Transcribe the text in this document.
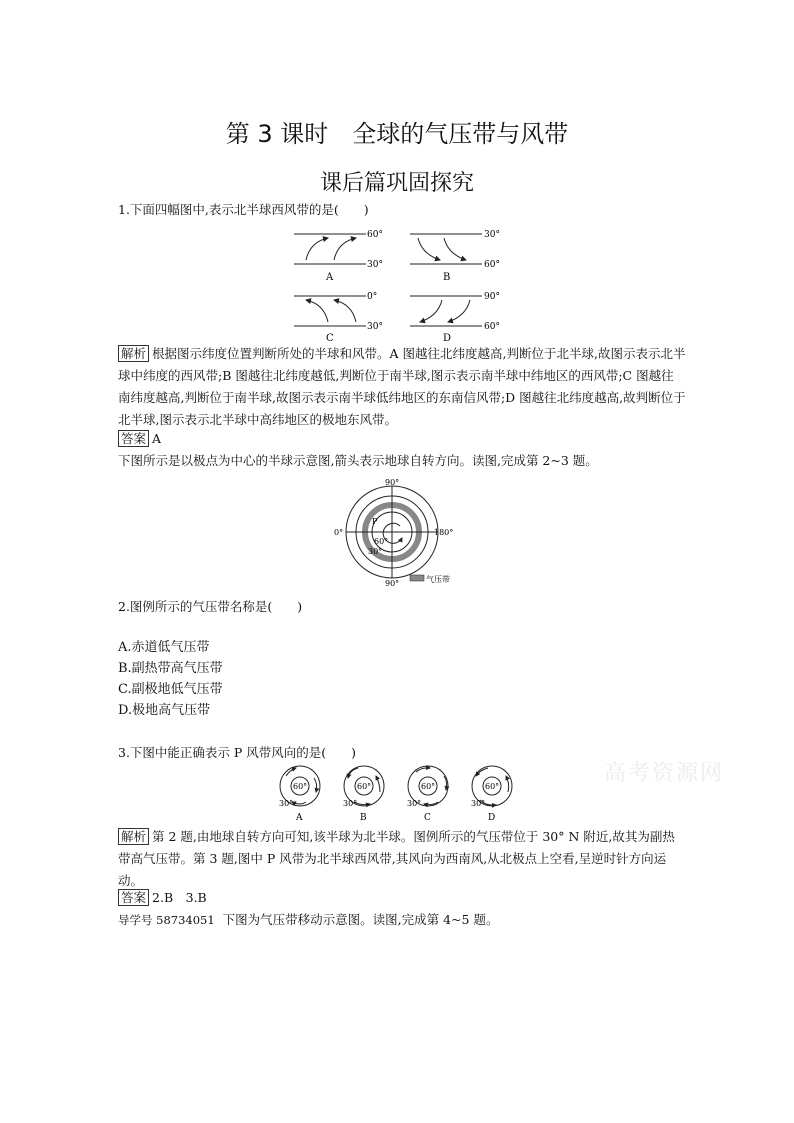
第 3 课时　全球的气压带与风带
课后篇巩固探究
1.下面四幅图中,表示北半球西风带的是(　　)
60°
30°
A
30°
60°
B
0°
30°
C
90°
60°
D
解析 根据图示纬度位置判断所处的半球和风带。A 图越往北纬度越高,判断位于北半球,故图示表示北半球中纬度的西风带;B 图越往北纬度越低,判断位于南半球,图示表示南半球中纬地区的西风带;C 图越往南纬度越高,判断位于南半球,故图示表示南半球低纬地区的东南信风带;D 图越往北纬度越高,故判断位于北半球,图示表示北半球中高纬地区的极地东风带。
答案 A
下图所示是以极点为中心的半球示意图,箭头表示地球自转方向。读图,完成第 2~3 题。
90°
0°	180°
90°
P
60°
30°
气压带
2.图例所示的气压带名称是(　　)
A.赤道低气压带
B.副热带高气压带
C.副极地低气压带
D.极地高气压带
3.下图中能正确表示 P 风带风向的是(　　)
60°
30°
A
60°
30°
B
60°
30°
C
60°
30°
D
高考资源网
解析 第 2 题,由地球自转方向可知,该半球为北半球。图例所示的气压带位于 30° N 附近,故其为副热带高气压带。第 3 题,图中 P 风带为北半球西风带,其风向为西南风,从北极点上空看,呈逆时针方向运动。
答案 2.B　3.B
导学号 58734051 下图为气压带移动示意图。读图,完成第 4~5 题。
